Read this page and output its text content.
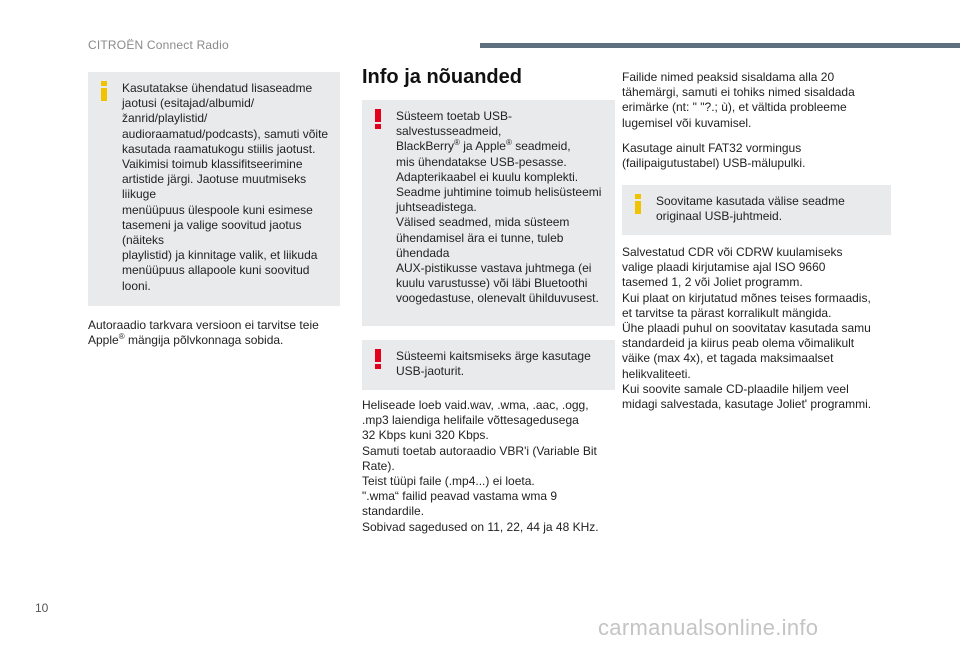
CITROËN Connect Radio

Kasutatakse ühendatud lisaseadme
jaotusi (esitajad/albumid/žanrid/playlistid/
audioraamatud/podcasts), samuti võite
kasutada raamatukogu stiilis jaotust.
Vaikimisi toimub klassifitseerimine
artistide järgi. Jaotuse muutmiseks liikuge
menüüpuus ülespoole kuni esimese
tasemeni ja valige soovitud jaotus (näiteks
playlistid) ja kinnitage valik, et liikuda
menüüpuus allapoole kuni soovitud looni.

Autoraadio tarkvara versioon ei tarvitse teie
Apple® mängija põlvkonnaga sobida.

Info ja nõuanded

Süsteem toetab USB-salvestusseadmeid,
BlackBerry® ja Apple® seadmeid,
mis ühendatakse USB-pesasse.
Adapterikaabel ei kuulu komplekti.
Seadme juhtimine toimub helisüsteemi
juhtseadistega.
Välised seadmed, mida süsteem
ühendamisel ära ei tunne, tuleb ühendada
AUX-pistikusse vastava juhtmega (ei
kuulu varustusse) või läbi Bluetoothi
voogedastuse, olenevalt ühilduvusest.

Süsteemi kaitsmiseks ärge kasutage
USB-jaoturit.

Heliseade loeb vaid.wav, .wma, .aac, .ogg,
.mp3 laiendiga helifaile võttesagedusega
32 Kbps kuni 320 Kbps.
Samuti toetab autoraadio VBR'i (Variable Bit
Rate).
Teist tüüpi faile (.mp4...) ei loeta.
".wma“ failid peavad vastama wma 9
standardile.
Sobivad sagedused on 11, 22, 44 ja 48 KHz.

Failide nimed peaksid sisaldama alla 20
tähemärgi, samuti ei tohiks nimed sisaldada
erimärke (nt: " "?.; ù), et vältida probleeme
lugemisel või kuvamisel.

Kasutage ainult FAT32 vormingus
(failipaigutustabel) USB-mälupulki.

Soovitame kasutada välise seadme
originaal USB-juhtmeid.

Salvestatud CDR või CDRW kuulamiseks
valige plaadi kirjutamise ajal ISO 9660
tasemed 1, 2 või Joliet programm.
Kui plaat on kirjutatud mõnes teises formaadis,
et tarvitse ta pärast korralikult mängida.
Ühe plaadi puhul on soovitatav kasutada samu
standardeid ja kiirus peab olema võimalikult
väike (max 4x), et tagada maksimaalset
helikvaliteeti.
Kui soovite samale CD-plaadile hiljem veel
midagi salvestada, kasutage Joliet' programmi.

10
carmanualsonline.info
